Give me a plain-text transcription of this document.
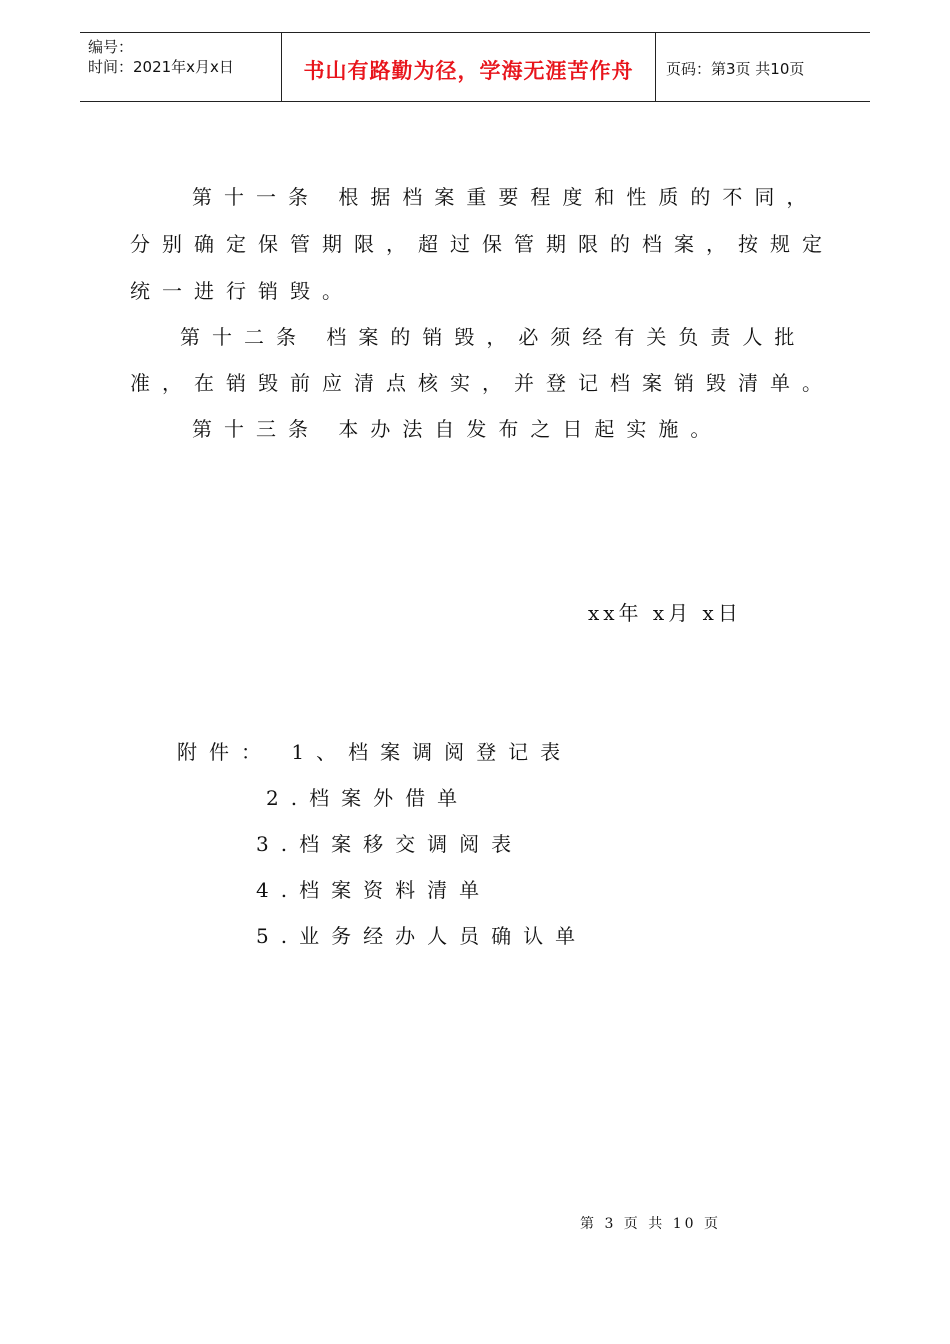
编号：
时间：2021年x月x日	书山有路勤为径，学海无涯苦作舟	页码：第3页 共10页
第十一条 根据档案重要程度和性质的不同，
分别确定保管期限，超过保管期限的档案，按规定
统一进行销毁。
第十二条 档案的销毁，必须经有关负责人批
准，在销毁前应清点核实，并登记档案销毁清单。
第十三条 本办法自发布之日起实施。
xx年 x月 x日
附件： 1、档案调阅登记表
2.档案外借单
3.档案移交调阅表
4.档案资料清单
5.业务经办人员确认单
第 3 页 共 10 页
